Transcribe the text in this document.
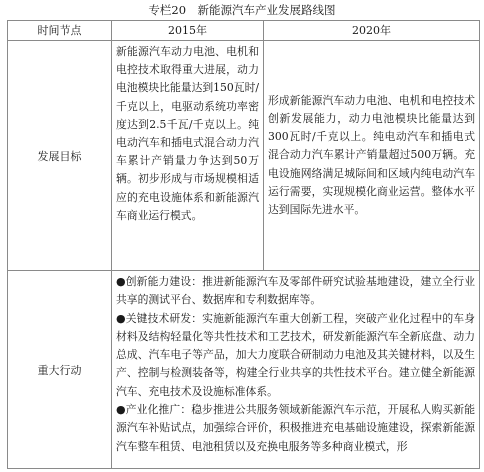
专栏20　新能源汽车产业发展路线图
时间节点	2015年	2020年
发展目标	新能源汽车动力电池、电机和电控技术取得重大进展，动力电池模块比能量达到150瓦时/千克以上，电驱动系统功率密度达到2.5千瓦/千克以上。纯电动汽车和插电式混合动力汽车累计产销量力争达到50万辆。初步形成与市场规模相适应的充电设施体系和新能源汽车商业运行模式。	形成新能源汽车动力电池、电机和电控技术创新发展能力，动力电池模块比能量达到300瓦时/千克以上。纯电动汽车和插电式混合动力汽车累计产销量超过500万辆。充电设施网络满足城际间和区域内纯电动汽车运行需要，实现规模化商业运营。整体水平达到国际先进水平。

重大行动	●创新能力建设：推进新能源汽车及零部件研究试验基地建设，建立全行业共享的测试平台、数据库和专利数据库等。

●关键技术研发：实施新能源汽车重大创新工程，突破产业化过程中的车身材料及结构轻量化等共性技术和工艺技术，研发新能源汽车全新底盘、动力总成、汽车电子等产品，加大力度联合研制动力电池及其关键材料，以及生产、控制与检测装备等，构建全行业共享的共性技术平台。建立健全新能源汽车、充电技术及设施标准体系。

●产业化推广：稳步推进公共服务领域新能源汽车示范，开展私人购买新能源汽车补贴试点，加强综合评价，积极推进充电基础设施建设，探索新能源汽车整车租赁、电池租赁以及充换电服务等多种商业模式，形	
